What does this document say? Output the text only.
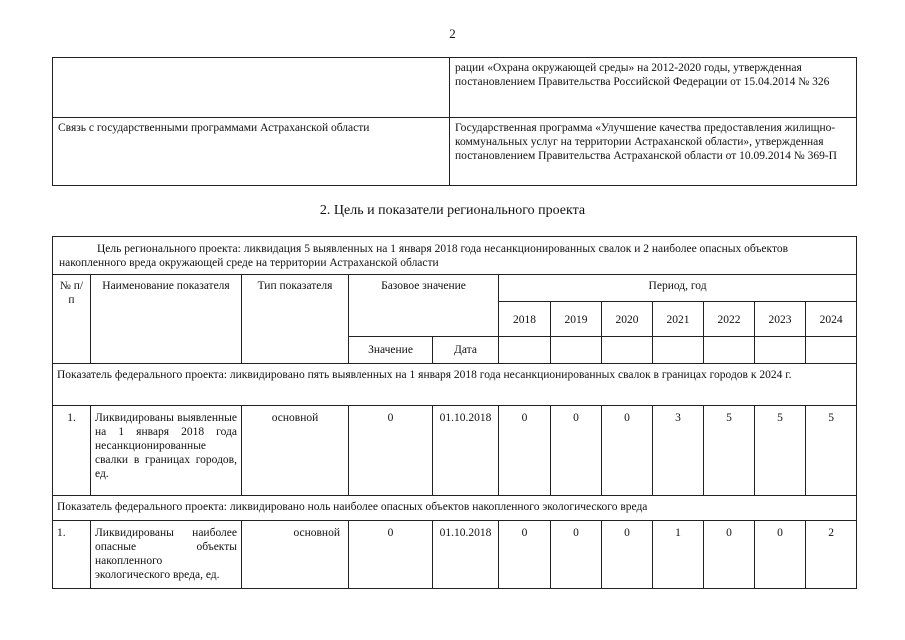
2
	рации «Охрана окружающей среды» на 2012-2020 годы, утвержденная постановлением Правительства Российской Федерации от 15.04.2014 № 326
Связь с государственными программами Астраханской области	Государственная программа «Улучшение качества предоставления жилищно-коммунальных услуг на территории Астраханской области», утвержденная постановлением Правительства Астраханской области от 10.09.2014 № 369-П
2. Цель и показатели регионального проекта
Цель регионального проекта: ликвидация 5 выявленных на 1 января 2018 года несанкционированных свалок и 2 наиболее опасных объектов накопленного вреда окружающей среде на территории Астраханской области											
№ п/п	Наименование показателя	Тип показателя	Базовое значение		Период, год						
					2018	2019	2020	2021	2022	2023	2024
			Значение	Дата							
Показатель федерального проекта: ликвидировано пять выявленных на 1 января 2018 года несанкционированных свалок в границах городов к 2024 г.											
1.	Ликвидированы выявленные на 1 января 2018 года несанкционированные свалки в границах городов, ед.	основной	0	01.10.2018	0	0	0	3	5	5	5
Показатель федерального проекта: ликвидировано ноль наиболее опасных объектов накопленного экологического вреда											
1.	Ликвидированы наиболее опасные объекты накопленного экологического вреда, ед.	основной	0	01.10.2018	0	0	0	1	0	0	2
